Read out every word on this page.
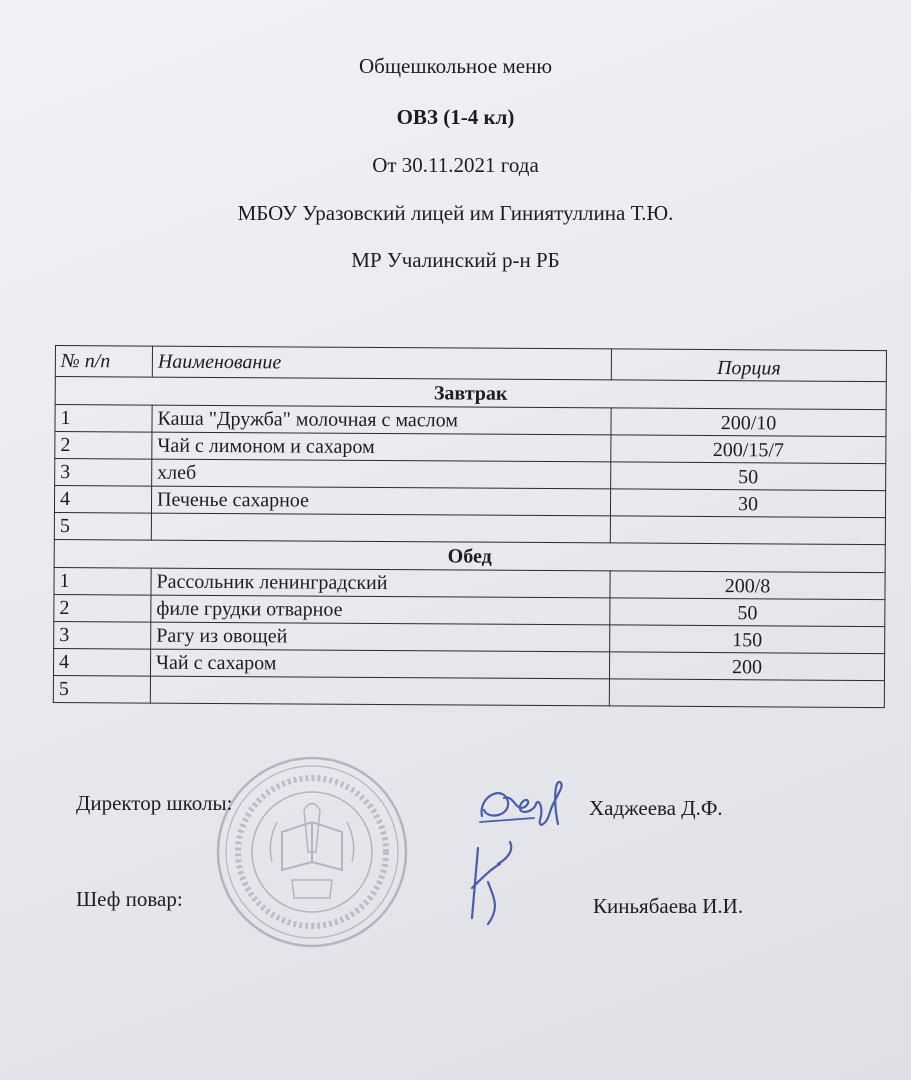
Общешкольное меню
ОВЗ (1-4 кл)
От 30.11.2021 года
МБОУ Уразовский лицей им Гиниятуллина Т.Ю.
МР Учалинский р-н РБ
№ п/п	Наименование	Порция
Завтрак		
1	Каша "Дружба" молочная с маслом	200/10
2	Чай с лимоном и сахаром	200/15/7
3	хлеб	50
4	Печенье сахарное	30
5		
Обед		
1	Рассольник ленинградский	200/8
2	филе грудки отварное	50
3	Рагу из овощей	150
4	Чай с сахаром	200
5		
Директор школы:	Хаджеева Д.Ф.
Шеф повар:	Киньябаева И.И.
